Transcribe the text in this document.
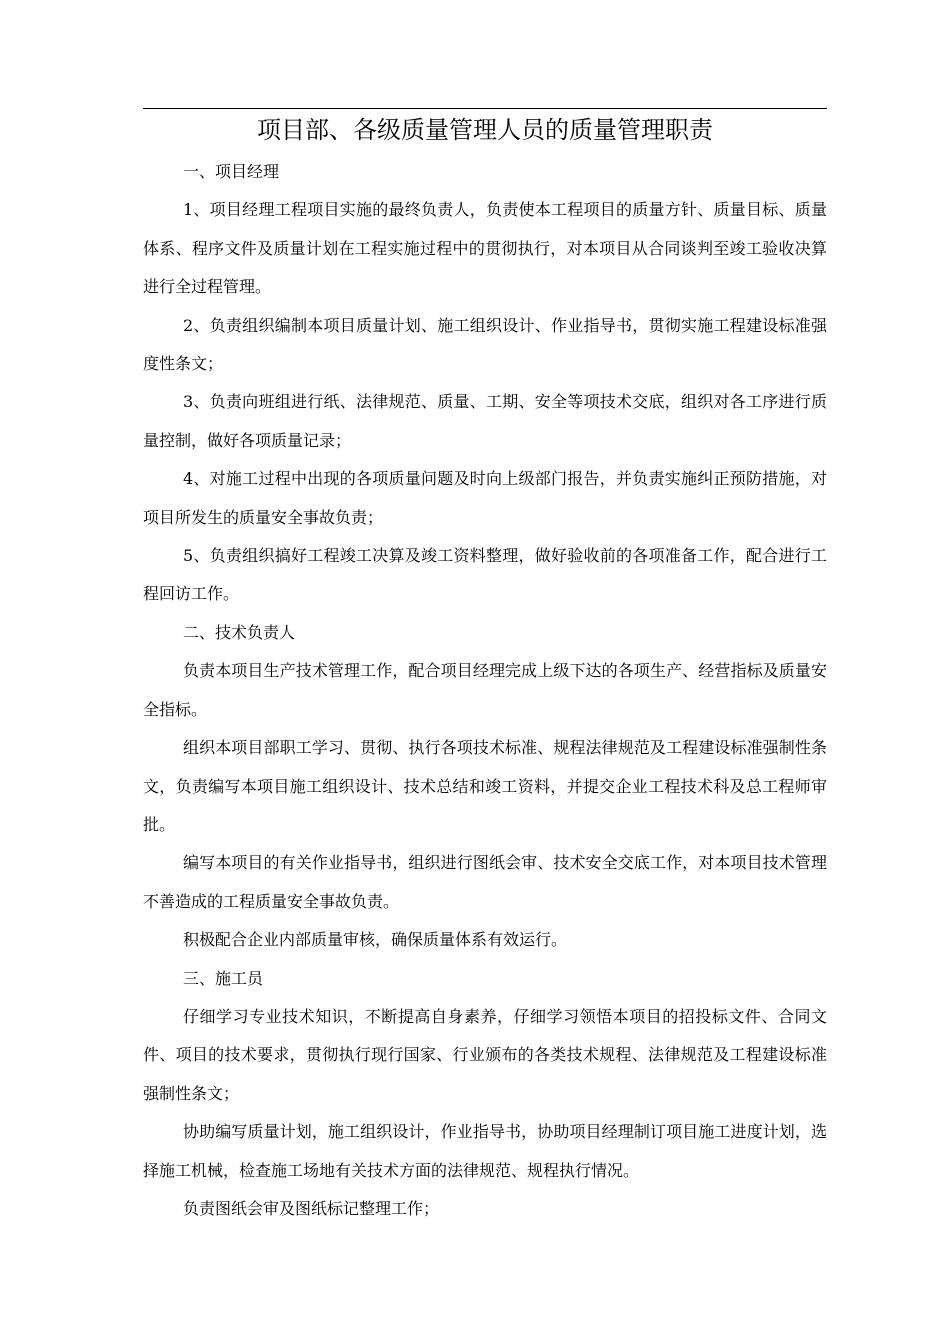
项目部、各级质量管理人员的质量管理职责

一、项目经理

1、项目经理工程项目实施的最终负责人，负责使本工程项目的质量方针、质量目标、质量体系、程序文件及质量计划在工程实施过程中的贯彻执行，对本项目从合同谈判至竣工验收决算进行全过程管理。

2、负责组织编制本项目质量计划、施工组织设计、作业指导书，贯彻实施工程建设标准强度性条文；

3、负责向班组进行纸、法律规范、质量、工期、安全等项技术交底，组织对各工序进行质量控制，做好各项质量记录；

4、对施工过程中出现的各项质量问题及时向上级部门报告，并负责实施纠正预防措施，对项目所发生的质量安全事故负责；

5、负责组织搞好工程竣工决算及竣工资料整理，做好验收前的各项准备工作，配合进行工程回访工作。

二、技术负责人

负责本项目生产技术管理工作，配合项目经理完成上级下达的各项生产、经营指标及质量安全指标。

组织本项目部职工学习、贯彻、执行各项技术标准、规程法律规范及工程建设标准强制性条文，负责编写本项目施工组织设计、技术总结和竣工资料，并提交企业工程技术科及总工程师审批。

编写本项目的有关作业指导书，组织进行图纸会审、技术安全交底工作，对本项目技术管理不善造成的工程质量安全事故负责。

积极配合企业内部质量审核，确保质量体系有效运行。

三、施工员

仔细学习专业技术知识，不断提高自身素养，仔细学习领悟本项目的招投标文件、合同文件、项目的技术要求，贯彻执行现行国家、行业颁布的各类技术规程、法律规范及工程建设标准强制性条文；

协助编写质量计划，施工组织设计，作业指导书，协助项目经理制订项目施工进度计划，选择施工机械，检查施工场地有关技术方面的法律规范、规程执行情况。

负责图纸会审及图纸标记整理工作；
